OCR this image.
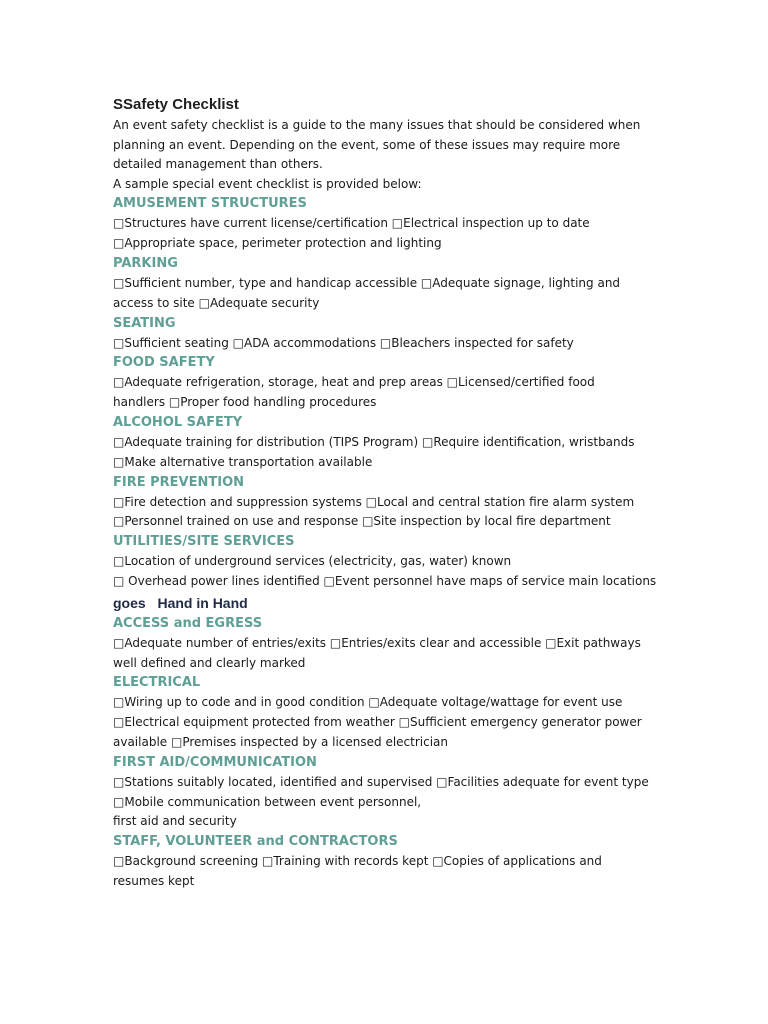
SSafety Checklist

An event safety checklist is a guide to the many issues that should be considered when

planning an event. Depending on the event, some of these issues may require more

detailed management than others.

A sample special event checklist is provided below:

AMUSEMENT STRUCTURES

□Structures have current license/certification □Electrical inspection up to date

□Appropriate space, perimeter protection and lighting

PARKING

□Sufficient number, type and handicap accessible □Adequate signage, lighting and

access to site □Adequate security

SEATING

□Sufficient seating □ADA accommodations □Bleachers inspected for safety

FOOD SAFETY

□Adequate refrigeration, storage, heat and prep areas □Licensed/certified food

handlers □Proper food handling procedures

ALCOHOL SAFETY

□Adequate training for distribution (TIPS Program) □Require identification, wristbands

□Make alternative transportation available

FIRE PREVENTION

□Fire detection and suppression systems □Local and central station fire alarm system

□Personnel trained on use and response □Site inspection by local fire department

UTILITIES/SITE SERVICES

□Location of underground services (electricity, gas, water) known

□ Overhead power lines identified □Event personnel have maps of service main locations

goes Hand in Hand
ACCESS and EGRESS

□Adequate number of entries/exits □Entries/exits clear and accessible □Exit pathways

well defined and clearly marked

ELECTRICAL

□Wiring up to code and in good condition □Adequate voltage/wattage for event use

□Electrical equipment protected from weather □Sufficient emergency generator power

available □Premises inspected by a licensed electrician

FIRST AID/COMMUNICATION

□Stations suitably located, identified and supervised □Facilities adequate for event type

□Mobile communication between event personnel,

first aid and security

STAFF, VOLUNTEER and CONTRACTORS

□Background screening □Training with records kept □Copies of applications and

resumes kept
